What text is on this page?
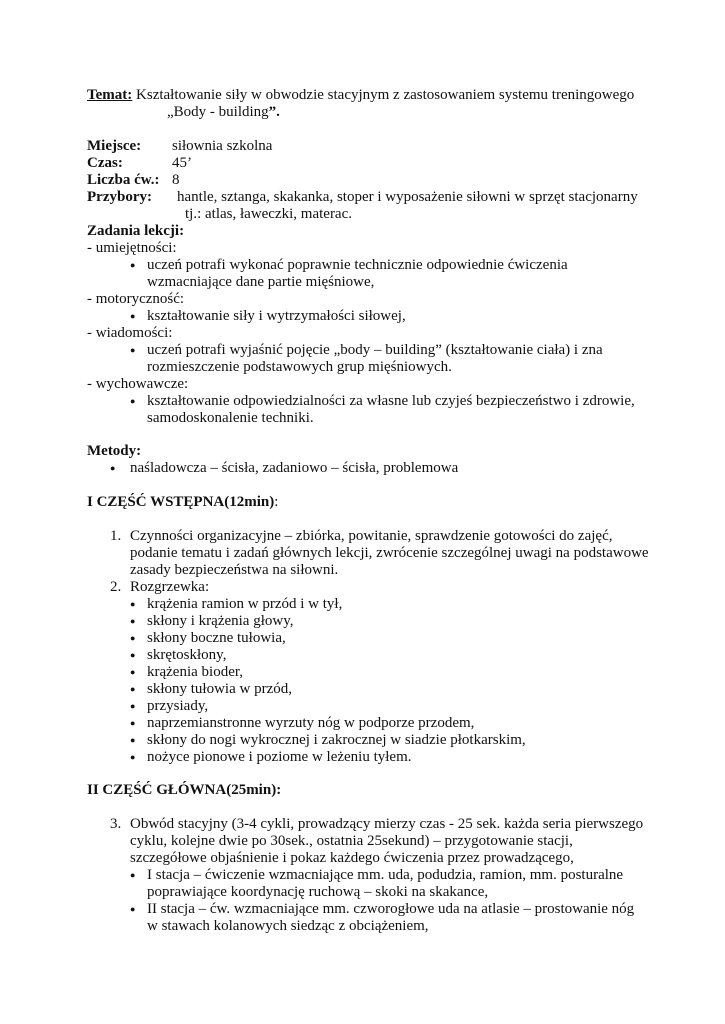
Temat: Kształtowanie siły w obwodzie stacyjnym z zastosowaniem systemu treningowego
„Body - building”.
Miejsce: siłownia szkolna
Czas:	45’
Liczba ćw.: 8
Przybory: hantle, sztanga, skakanka, stoper i wyposażenie siłowni w sprzęt stacjonarny
tj.: atlas, ławeczki, materac.
Zadania lekcji:
- umiejętności:
● uczeń potrafi wykonać poprawnie technicznie odpowiednie ćwiczenia
wzmacniające dane partie mięśniowe,
- motoryczność:
● kształtowanie siły i wytrzymałości siłowej,
- wiadomości:
● uczeń potrafi wyjaśnić pojęcie „body – building” (kształtowanie ciała) i zna
rozmieszczenie podstawowych grup mięśniowych.
- wychowawcze:
● kształtowanie odpowiedzialności za własne lub czyjeś bezpieczeństwo i zdrowie,
samodoskonalenie techniki.
Metody:
● naśladowcza – ścisła, zadaniowo – ścisła, problemowa
I CZĘŚĆ WSTĘPNA(12min):
1. Czynności organizacyjne – zbiórka, powitanie, sprawdzenie gotowości do zajęć,
podanie tematu i zadań głównych lekcji, zwrócenie szczególnej uwagi na podstawowe
zasady bezpieczeństwa na siłowni.
2. Rozgrzewka:
● krążenia ramion w przód i w tył,
● skłony i krążenia głowy,
● skłony boczne tułowia,
● skrętoskłony,
● krążenia bioder,
● skłony tułowia w przód,
● przysiady,
● naprzemianstronne wyrzuty nóg w podporze przodem,
● skłony do nogi wykrocznej i zakrocznej w siadzie płotkarskim,
● nożyce pionowe i poziome w leżeniu tyłem.
II CZĘŚĆ GŁÓWNA(25min):
3. Obwód stacyjny (3-4 cykli, prowadzący mierzy czas - 25 sek. każda seria pierwszego
cyklu, kolejne dwie po 30sek., ostatnia 25sekund) – przygotowanie stacji,
szczegółowe objaśnienie i pokaz każdego ćwiczenia przez prowadzącego,
● I stacja – ćwiczenie wzmacniające mm. uda, podudzia, ramion, mm. posturalne
poprawiające koordynację ruchową – skoki na skakance,
● II stacja – ćw. wzmacniające mm. czworogłowe uda na atlasie – prostowanie nóg
w stawach kolanowych siedząc z obciążeniem,
